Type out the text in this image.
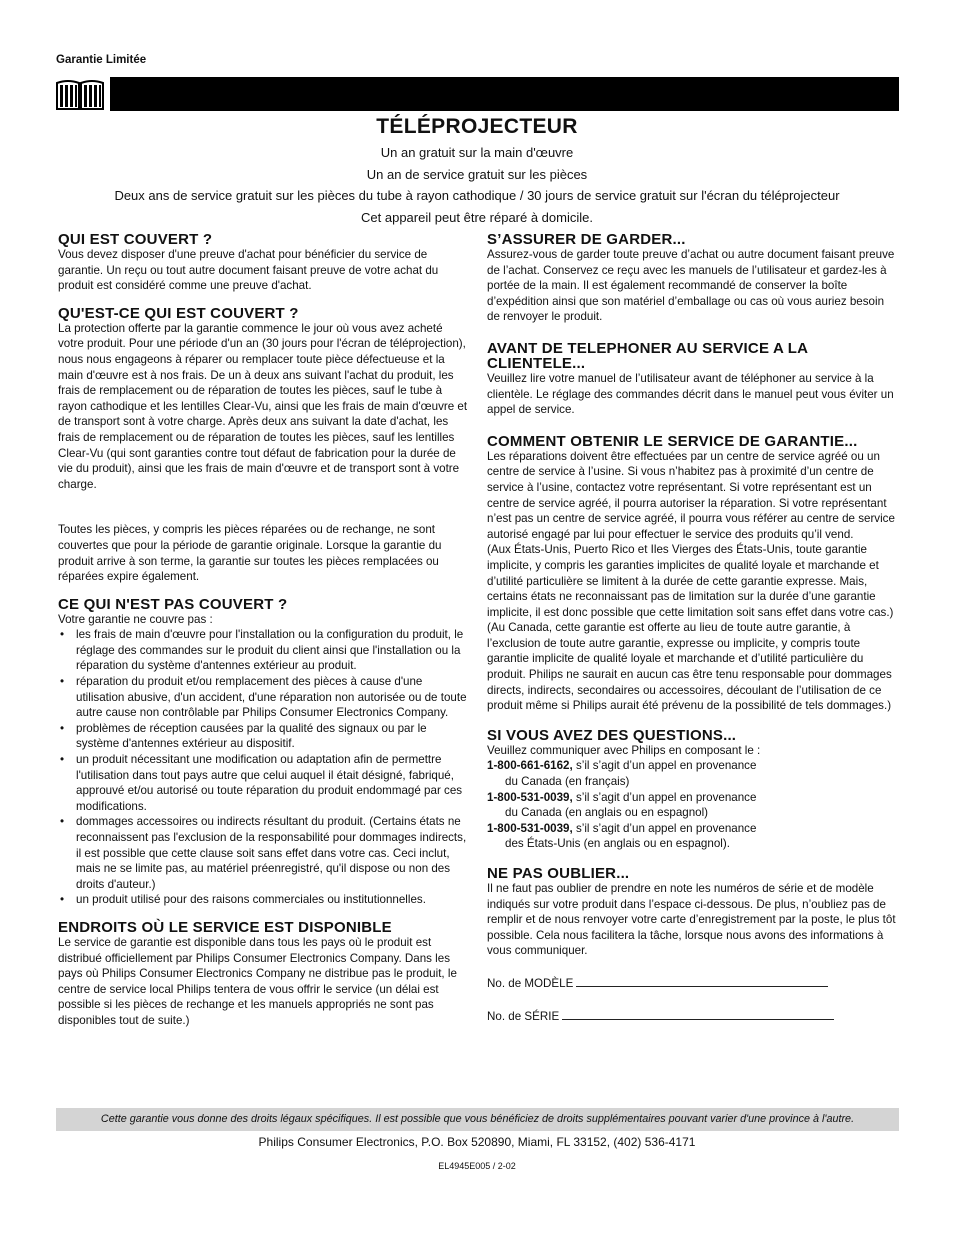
Garantie Limitée
TÉLÉPROJECTEUR
Un an gratuit sur la main d'œuvre
Un an de service gratuit sur les pièces
Deux ans de service gratuit sur les pièces du tube à rayon cathodique / 30 jours de service gratuit sur l'écran du téléprojecteur
Cet appareil peut être réparé à domicile.
QUI EST COUVERT ?

Vous devez disposer d'une preuve d'achat pour bénéficier du service de garantie. Un reçu ou tout autre document faisant preuve de votre achat du produit est considéré comme une preuve d'achat.

QU'EST-CE QUI EST COUVERT ?

La protection offerte par la garantie commence le jour où vous avez acheté votre produit. Pour une période d'un an (30 jours pour l'écran de téléprojection), nous nous engageons à réparer ou remplacer toute pièce défectueuse et la main d'œuvre est à nos frais. De un à deux ans suivant l'achat du produit, les frais de remplacement ou de réparation de toutes les pièces, sauf le tube à rayon cathodique et les lentilles Clear-Vu, ainsi que les frais de main d'œuvre et de transport sont à votre charge. Après deux ans suivant la date d'achat, les frais de remplacement ou de réparation de toutes les pièces, sauf les lentilles Clear-Vu (qui sont garanties contre tout défaut de fabrication pour la durée de vie du produit), ainsi que les frais de main d'œuvre et de transport sont à votre charge.

Toutes les pièces, y compris les pièces réparées ou de rechange, ne sont couvertes que pour la période de garantie originale. Lorsque la garantie du produit arrive à son terme, la garantie sur toutes les pièces remplacées ou réparées expire également.

CE QUI N'EST PAS COUVERT ?

Votre garantie ne couvre pas :

• les frais de main d'œuvre pour l'installation ou la configuration du produit, le réglage des commandes sur le produit du client ainsi que l'installation ou la réparation du système d'antennes extérieur au produit.
• réparation du produit et/ou remplacement des pièces à cause d'une utilisation abusive, d'un accident, d'une réparation non autorisée ou de toute autre cause non contrôlable par Philips Consumer Electronics Company.
• problèmes de réception causées par la qualité des signaux ou par le système d'antennes extérieur au dispositif.
• un produit nécessitant une modification ou adaptation afin de permettre l'utilisation dans tout pays autre que celui auquel il était désigné, fabriqué, approuvé et/ou autorisé ou toute réparation du produit endommagé par ces modifications.
• dommages accessoires ou indirects résultant du produit. (Certains états ne reconnaissent pas l'exclusion de la responsabilité pour dommages indirects, il est possible que cette clause soit sans effet dans votre cas. Ceci inclut, mais ne se limite pas, au matériel préenregistré, qu'il dispose ou non des droits d'auteur.)
• un produit utilisé pour des raisons commerciales ou institutionnelles.
ENDROITS OÙ LE SERVICE EST DISPONIBLE

Le service de garantie est disponible dans tous les pays où le produit est distribué officiellement par Philips Consumer Electronics Company. Dans les pays où Philips Consumer Electronics Company ne distribue pas le produit, le centre de service local Philips tentera de vous offrir le service (un délai est possible si les pièces de rechange et les manuels appropriés ne sont pas disponibles tout de suite.)

S’ASSURER DE GARDER...

Assurez-vous de garder toute preuve d’achat ou autre document faisant preuve de l’achat. Conservez ce reçu avec les manuels de l’utilisateur et gardez-les à portée de la main. Il est également recommandé de conserver la boîte d’expédition ainsi que son matériel d’emballage ou cas où vous auriez besoin de renvoyer le produit.

AVANT DE TELEPHONER AU SERVICE A LA CLIENTELE...

Veuillez lire votre manuel de l’utilisateur avant de téléphoner au service à la clientèle. Le réglage des commandes décrit dans le manuel peut vous éviter un appel de service.

COMMENT OBTENIR LE SERVICE DE GARANTIE...

Les réparations doivent être effectuées par un centre de service agréé ou un centre de service à l’usine. Si vous n’habitez pas à proximité d’un centre de service à l’usine, contactez votre représentant. Si votre représentant est un centre de service agréé, il pourra autoriser la réparation. Si votre représentant n’est pas un centre de service agréé, il pourra vous référer au centre de service autorisé engagé par lui pour effectuer le service des produits qu’il vend.

(Aux États-Unis, Puerto Rico et Iles Vierges des États-Unis, toute garantie implicite, y compris les garanties implicites de qualité loyale et marchande et d’utilité particulière se limitent à la durée de cette garantie expresse. Mais, certains états ne reconnaissant pas de limitation sur la durée d’une garantie implicite, il est donc possible que cette limitation soit sans effet dans votre cas.)

(Au Canada, cette garantie est offerte au lieu de toute autre garantie, à l’exclusion de toute autre garantie, expresse ou implicite, y compris toute garantie implicite de qualité loyale et marchande et d’utilité particulière du produit. Philips ne saurait en aucun cas être tenu responsable pour dommages directs, indirects, secondaires ou accessoires, découlant de l’utilisation de ce produit même si Philips aurait été prévenu de la possibilité de tels dommages.)

SI VOUS AVEZ DES QUESTIONS...

Veuillez communiquer avec Philips en composant le :

1-800-661-6162, s’il s’agit d’un appel en provenance

du Canada (en français)

1-800-531-0039, s’il s’agit d’un appel en provenance

du Canada (en anglais ou en espagnol)

1-800-531-0039, s’il s’agit d’un appel en provenance

des États-Unis (en anglais ou en espagnol).

NE PAS OUBLIER...

Il ne faut pas oublier de prendre en note les numéros de série et de modèle indiqués sur votre produit dans l’espace ci-dessous. De plus, n’oubliez pas de remplir et de nous renvoyer votre carte d’enregistrement par la poste, le plus tôt possible. Cela nous facilitera la tâche, lorsque nous avons des informations à vous communiquer.

No. de MODÈLE
No. de SÉRIE
Cette garantie vous donne des droits légaux spécifiques. Il est possible que vous bénéficiez de droits supplémentaires pouvant varier d'une province à l'autre.
Philips Consumer Electronics, P.O. Box 520890, Miami, FL 33152, (402) 536-4171
EL4945E005 / 2-02
